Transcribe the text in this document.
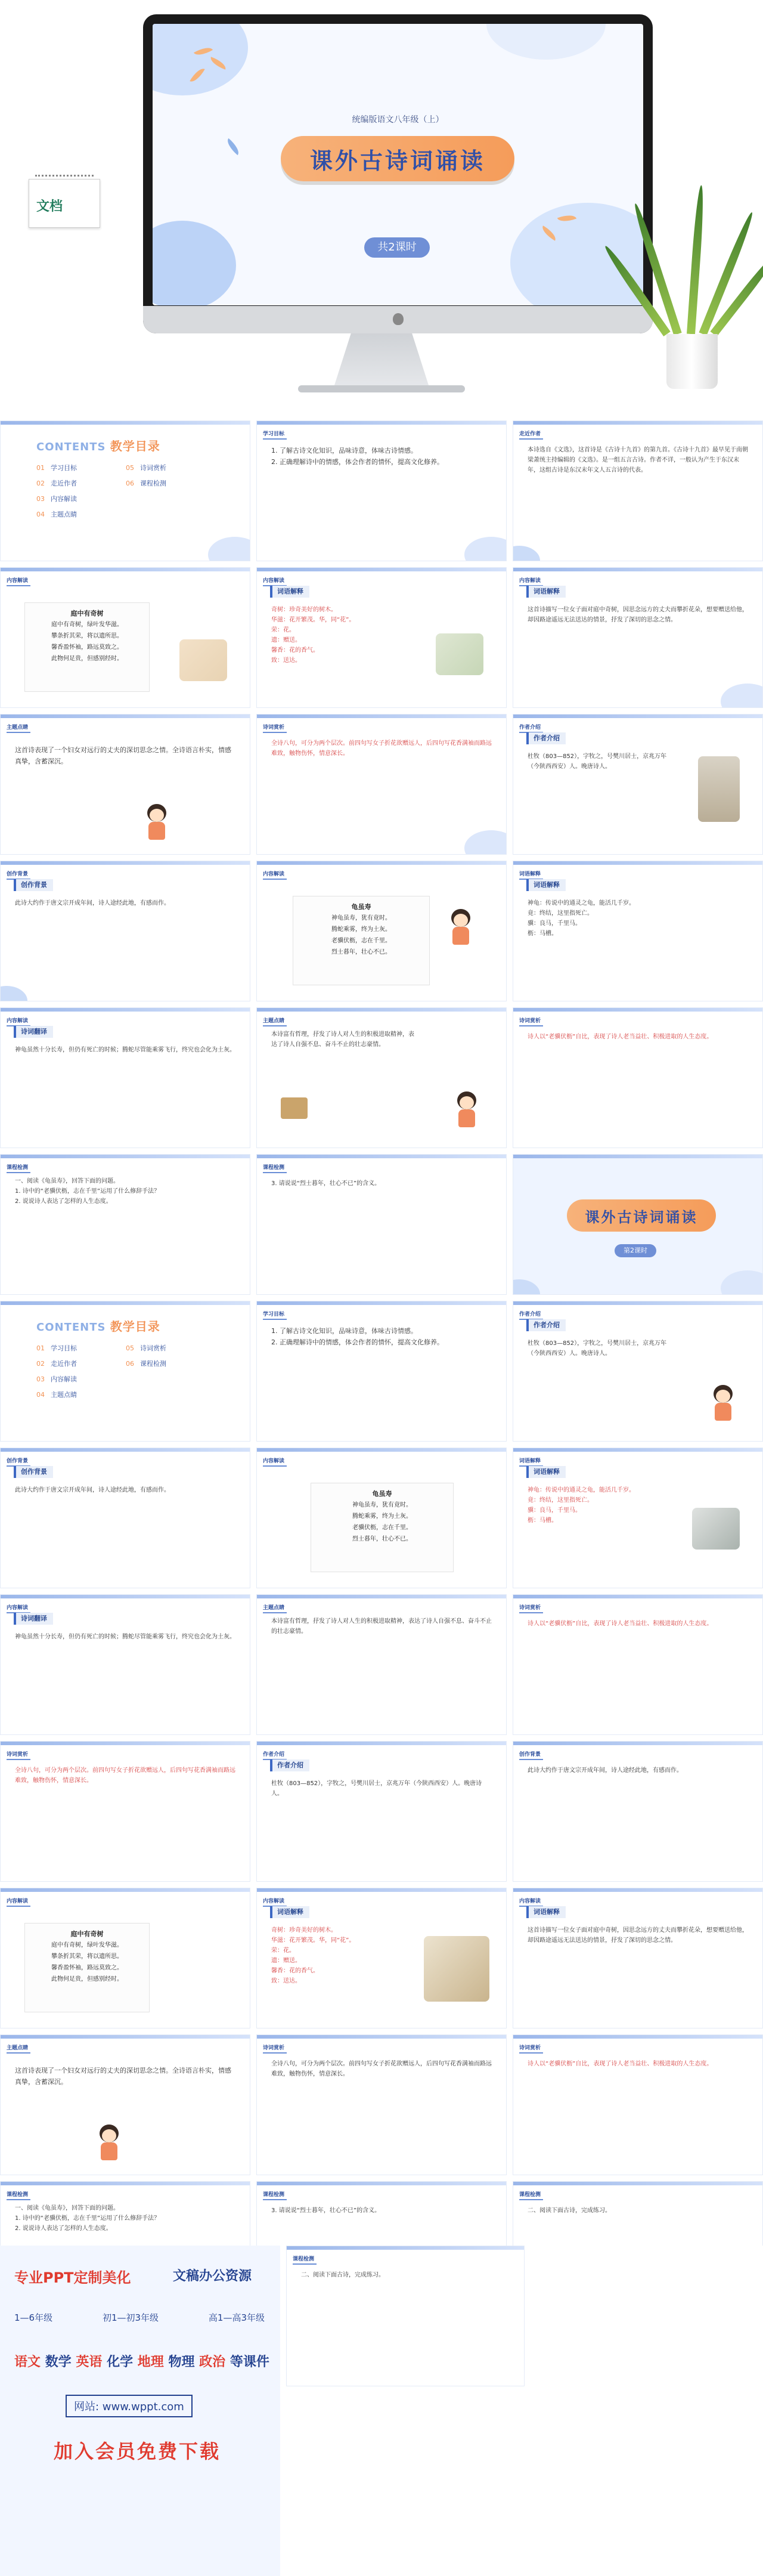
统编版语文八年级（上）
课外古诗词诵读
共2课时
文档
CONTENTS 教学目录
01 学习目标	05 诗词赏析
02 走近作者	06 课程检测
03 内容解读
04 主题点睛
学习目标
1. 了解古诗文化知识，品味诗意，体味古诗情感。
2. 正确理解诗中的情感，体会作者的情怀，提高文化修养。
走近作者
本诗选自《文选》，这首诗是《古诗十九首》的第九首。《古诗十九首》最早见于南朝梁萧统主持编辑的《文选》。是一组五言古诗。作者不详，一般认为产生于东汉末年，这组古诗是东汉末年文人五言诗的代表。
内容解读
庭中有奇树
庭中有奇树，绿叶发华滋。
攀条折其荣，将以遗所思。
馨香盈怀袖，路远莫致之。
此物何足贵，但感别经时。
内容解读
词语解释
奇树：珍奇美好的树木。
华滋：花开繁茂。华，同“花”。
荣：花。
遗：赠送。
馨香：花的香气。
致：送达。
内容解读
词语解释
这首诗描写一位女子面对庭中奇树，因思念远方的丈夫而攀折花朵，想要赠送给他，却因路途遥远无法送达的情景，抒发了深切的思念之情。
主题点睛
这首诗表现了一个妇女对远行的丈夫的深切思念之情。全诗语言朴实，情感真挚，含蓄深沉。
诗词赏析
全诗八句，可分为两个层次。前四句写女子折花欲赠远人，后四句写花香满袖而路远难致，触物伤怀，情意深长。
作者介绍
作者介绍
杜牧（803—852），字牧之，号樊川居士，京兆万年（今陕西西安）人。晚唐诗人。
创作背景
创作背景
此诗大约作于唐文宗开成年间，诗人途经此地，有感而作。
内容解读
龟虽寿
神龟虽寿，犹有竟时。
腾蛇乘雾，终为土灰。
老骥伏枥，志在千里。
烈士暮年，壮心不已。
词语解释
词语解释
神龟：传说中的通灵之龟，能活几千岁。
竟：终结，这里指死亡。
骥：良马，千里马。
枥：马槽。
内容解读
诗词翻译
神龟虽然十分长寿，但仍有死亡的时候；腾蛇尽管能乘雾飞行，终究也会化为土灰。
主题点睛
本诗富有哲理，抒发了诗人对人生的积极进取精神，表达了诗人自强不息、奋斗不止的壮志豪情。
诗词赏析
诗人以“老骥伏枥”自比，表现了诗人老当益壮、积极进取的人生态度。
课程检测
一、阅读《龟虽寿》，回答下面的问题。
1. 诗中的“老骥伏枥，志在千里”运用了什么修辞手法？
2. 说说诗人表达了怎样的人生态度。
课程检测
3. 请说说“烈士暮年，壮心不已”的含义。
课外古诗词诵读
第2课时
CONTENTS 教学目录
01 学习目标	05 诗词赏析
02 走近作者	06 课程检测
03 内容解读
04 主题点睛
学习目标
1. 了解古诗文化知识，品味诗意，体味古诗情感。
2. 正确理解诗中的情感，体会作者的情怀，提高文化修养。
作者介绍
作者介绍
杜牧（803—852），字牧之，号樊川居士，京兆万年（今陕西西安）人。晚唐诗人。
创作背景
创作背景
此诗大约作于唐文宗开成年间，诗人途经此地，有感而作。
内容解读
龟虽寿
神龟虽寿，犹有竟时。
腾蛇乘雾，终为土灰。
老骥伏枥，志在千里。
烈士暮年，壮心不已。
词语解释
词语解释
神龟：传说中的通灵之龟，能活几千岁。
竟：终结，这里指死亡。
骥：良马，千里马。
枥：马槽。
内容解读
诗词翻译
神龟虽然十分长寿，但仍有死亡的时候；腾蛇尽管能乘雾飞行，终究也会化为土灰。
主题点睛
本诗富有哲理，抒发了诗人对人生的积极进取精神，表达了诗人自强不息、奋斗不止的壮志豪情。
诗词赏析
诗人以“老骥伏枥”自比，表现了诗人老当益壮、积极进取的人生态度。
诗词赏析
全诗八句，可分为两个层次。前四句写女子折花欲赠远人，后四句写花香满袖而路远难致，触物伤怀，情意深长。
作者介绍
作者介绍
杜牧（803—852），字牧之，号樊川居士，京兆万年（今陕西西安）人。晚唐诗人。
创作背景
此诗大约作于唐文宗开成年间，诗人途经此地，有感而作。
内容解读
庭中有奇树
庭中有奇树，绿叶发华滋。
攀条折其荣，将以遗所思。
馨香盈怀袖，路远莫致之。
此物何足贵，但感别经时。
内容解读
词语解释
奇树：珍奇美好的树木。
华滋：花开繁茂。华，同“花”。
荣：花。
遗：赠送。
馨香：花的香气。
致：送达。
内容解读
词语解释
这首诗描写一位女子面对庭中奇树，因思念远方的丈夫而攀折花朵，想要赠送给他，却因路途遥远无法送达的情景，抒发了深切的思念之情。
主题点睛
这首诗表现了一个妇女对远行的丈夫的深切思念之情。全诗语言朴实，情感真挚，含蓄深沉。
诗词赏析
全诗八句，可分为两个层次。前四句写女子折花欲赠远人，后四句写花香满袖而路远难致，触物伤怀，情意深长。
诗词赏析
诗人以“老骥伏枥”自比，表现了诗人老当益壮、积极进取的人生态度。
课程检测
一、阅读《龟虽寿》，回答下面的问题。
1. 诗中的“老骥伏枥，志在千里”运用了什么修辞手法？
2. 说说诗人表达了怎样的人生态度。
课程检测
3. 请说说“烈士暮年，壮心不已”的含义。
课程检测
二、阅读下面古诗，完成练习。
专业PPT定制美化	文稿办公资源
1—6年级	初1—初3年级	高1—高3年级
语文 数学 英语 化学 地理 物理 政治 等课件
网站: www.wppt.com
加入会员免费下载
课程检测
二、阅读下面古诗，完成练习。
